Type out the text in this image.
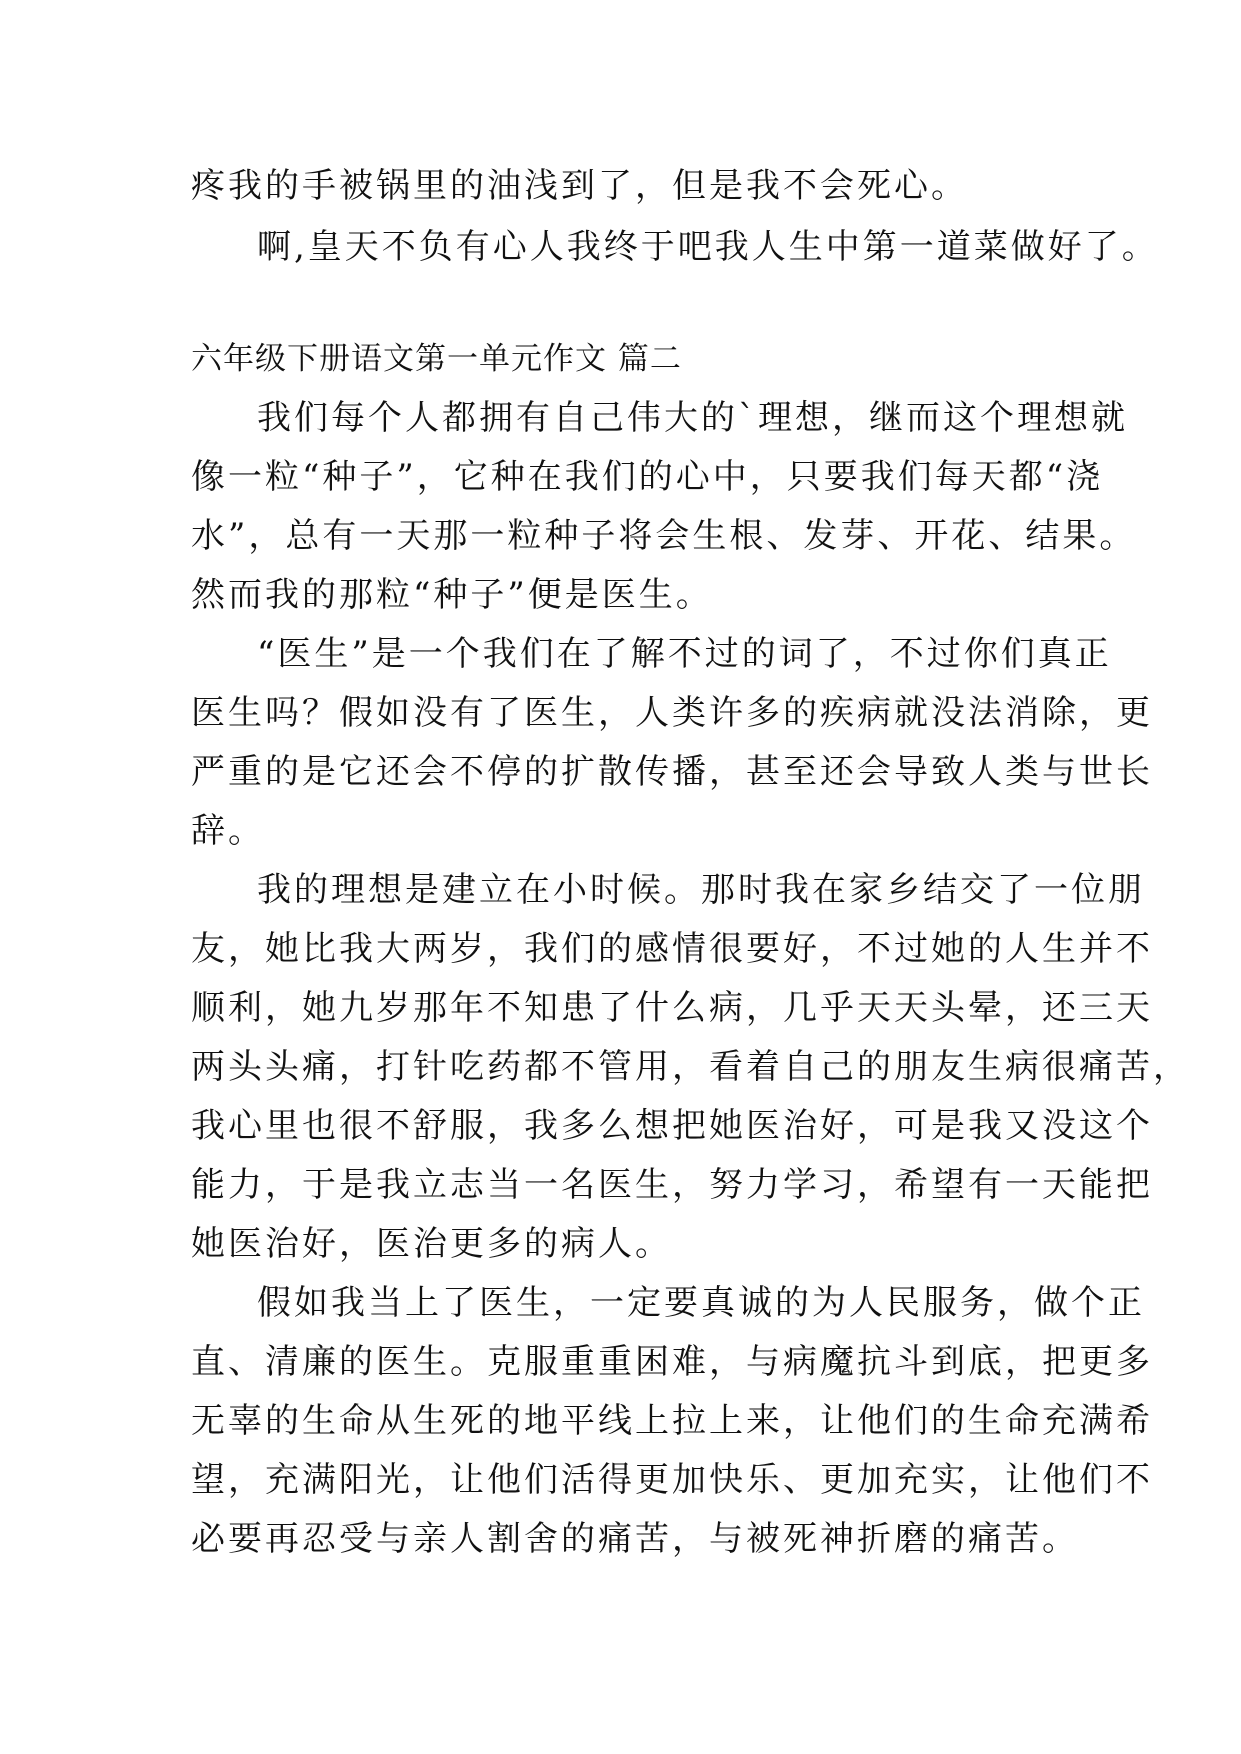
疼我的手被锅里的油浅到了，但是我不会死心。
啊,皇天不负有心人我终于吧我人生中第一道菜做好了。
六年级下册语文第一单元作文 篇二
我们每个人都拥有自己伟大的`理想，继而这个理想就
像一粒“种子”，它种在我们的心中，只要我们每天都“浇
水”，总有一天那一粒种子将会生根、发芽、开花、结果。
然而我的那粒“种子”便是医生。
“医生”是一个我们在了解不过的词了，不过你们真正
医生吗？假如没有了医生，人类许多的疾病就没法消除，更
严重的是它还会不停的扩散传播，甚至还会导致人类与世长
辞。
我的理想是建立在小时候。那时我在家乡结交了一位朋
友，她比我大两岁，我们的感情很要好，不过她的人生并不
顺利，她九岁那年不知患了什么病，几乎天天头晕，还三天
两头头痛，打针吃药都不管用，看着自己的朋友生病很痛苦，
我心里也很不舒服，我多么想把她医治好，可是我又没这个
能力，于是我立志当一名医生，努力学习，希望有一天能把
她医治好，医治更多的病人。
假如我当上了医生，一定要真诚的为人民服务，做个正
直、清廉的医生。克服重重困难，与病魔抗斗到底，把更多
无辜的生命从生死的地平线上拉上来，让他们的生命充满希
望，充满阳光，让他们活得更加快乐、更加充实，让他们不
必要再忍受与亲人割舍的痛苦，与被死神折磨的痛苦。
